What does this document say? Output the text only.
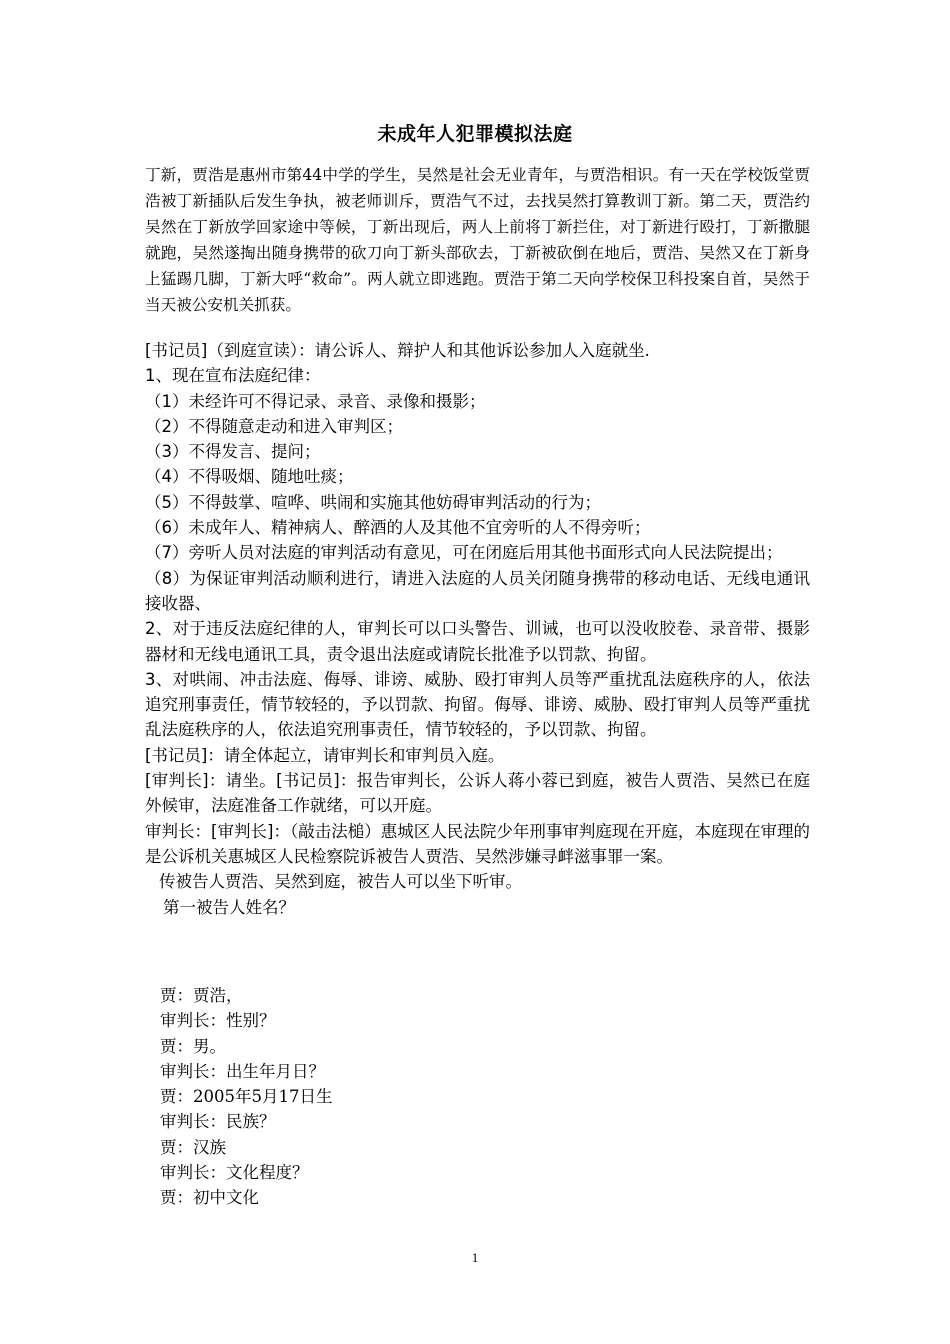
未成年人犯罪模拟法庭

丁新，贾浩是惠州市第44中学的学生，吴然是社会无业青年，与贾浩相识。有一天在学校饭堂贾浩被丁新插队后发生争执，被老师训斥，贾浩气不过，去找吴然打算教训丁新。第二天，贾浩约吴然在丁新放学回家途中等候，丁新出现后，两人上前将丁新拦住，对丁新进行殴打，丁新撒腿就跑，吴然遂掏出随身携带的砍刀向丁新头部砍去，丁新被砍倒在地后，贾浩、吴然又在丁新身上猛踢几脚，丁新大呼“救命”。两人就立即逃跑。贾浩于第二天向学校保卫科投案自首，吴然于当天被公安机关抓获。

[书记员]（到庭宣读）：请公诉人、辩护人和其他诉讼参加人入庭就坐.

1、现在宣布法庭纪律：

（1）未经许可不得记录、录音、录像和摄影；

（2）不得随意走动和进入审判区；

（3）不得发言、提问；

（4）不得吸烟、随地吐痰；

（5）不得鼓掌、喧哗、哄闹和实施其他妨碍审判活动的行为；

（6）未成年人、精神病人、醉酒的人及其他不宜旁听的人不得旁听；

（7）旁听人员对法庭的审判活动有意见，可在闭庭后用其他书面形式向人民法院提出；

（8）为保证审判活动顺利进行，请进入法庭的人员关闭随身携带的移动电话、无线电通讯接收器、

2、对于违反法庭纪律的人，审判长可以口头警告、训诫，也可以没收胶卷、录音带、摄影器材和无线电通讯工具，责令退出法庭或请院长批准予以罚款、拘留。

3、对哄闹、冲击法庭、侮辱、诽谤、威胁、殴打审判人员等严重扰乱法庭秩序的人，依法追究刑事责任，情节较轻的，予以罚款、拘留。侮辱、诽谤、威胁、殴打审判人员等严重扰乱法庭秩序的人，依法追究刑事责任，情节较轻的，予以罚款、拘留。

[书记员]：请全体起立，请审判长和审判员入庭。

[审判长]：请坐。[书记员]：报告审判长，公诉人蒋小蓉已到庭，被告人贾浩、吴然已在庭外候审，法庭准备工作就绪，可以开庭。

审判长：[审判长]：（敲击法槌）惠城区人民法院少年刑事审判庭现在开庭，本庭现在审理的是公诉机关惠城区人民检察院诉被告人贾浩、吴然涉嫌寻衅滋事罪一案。

传被告人贾浩、吴然到庭，被告人可以坐下听审。

第一被告人姓名？

贾：贾浩，

审判长：性别？

贾：男。

审判长：出生年月日？

贾：2005年5月17日生

审判长：民族？

贾：汉族

审判长：文化程度？

贾：初中文化

1
